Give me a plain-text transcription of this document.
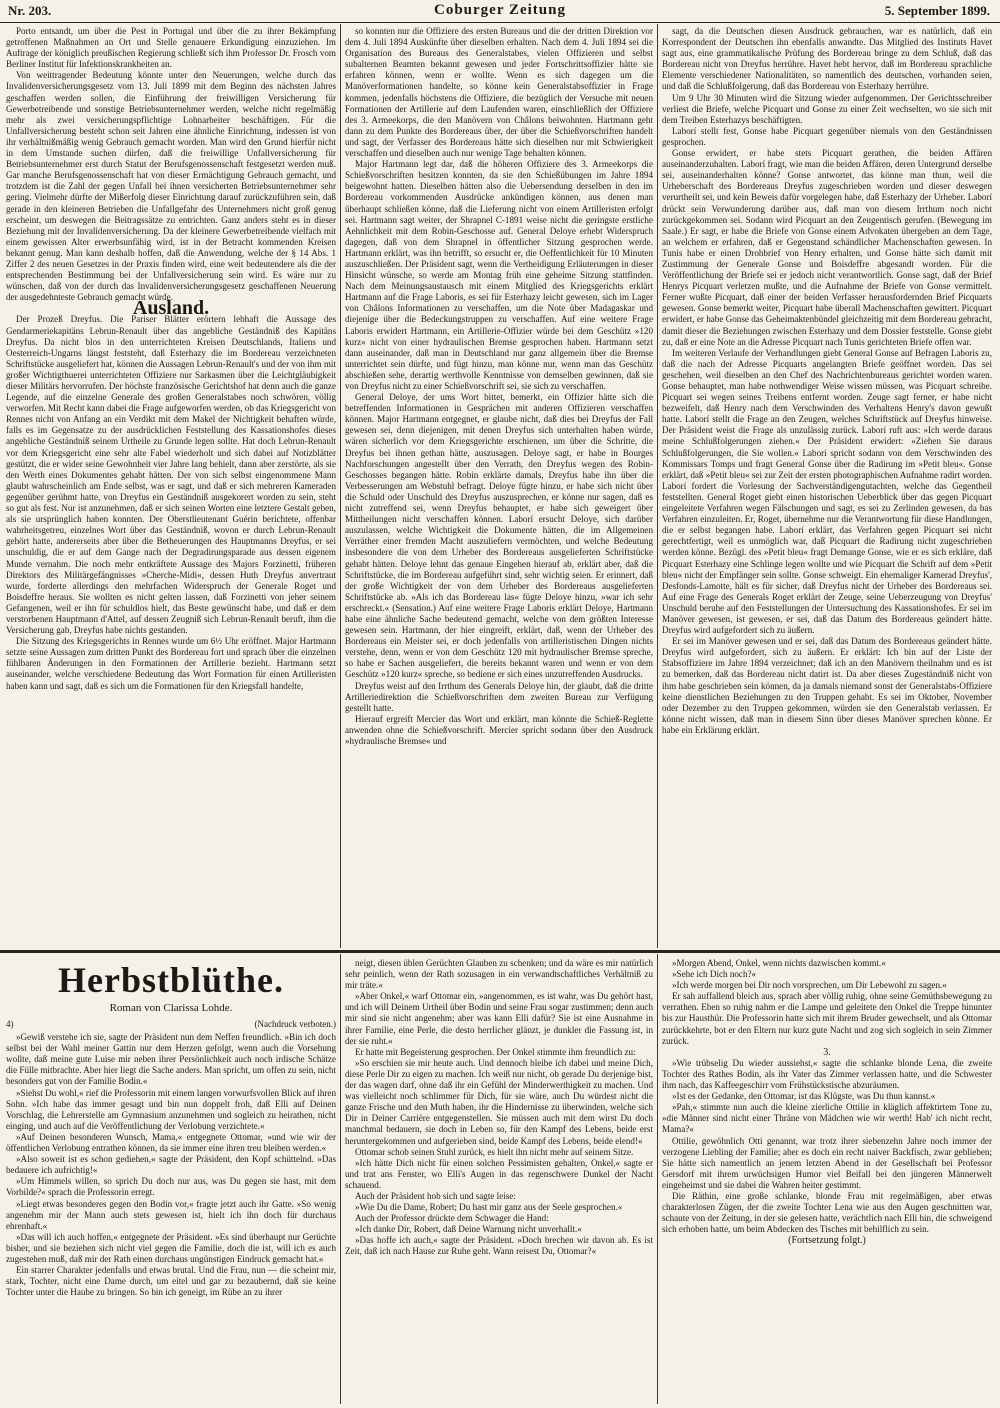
Nr. 203.	Coburger Zeitung	5. September 1899.

Porto entsandt, um über die Pest in Portugal und über die zu ihrer Bekämpfung getroffenen Maßnahmen an Ort und Stelle genauere Erkundigung einzuziehen. Im Auftrage der königlich preußischen Regierung schließt sich ihm Professor Dr. Frosch vom Berliner Institut für Infektionskrankheiten an.

Von weittragender Bedeutung könnte unter den Neuerungen, welche durch das Invalidenversicherungsgesetz vom 13. Juli 1899 mit dem Beginn des nächsten Jahres geschaffen werden sollen, die Einführung der freiwilligen Versicherung für Gewerbetreibende und sonstige Betriebsunternehmer werden, welche nicht regelmäßig mehr als zwei versicherungspflichtige Lohnarbeiter beschäftigen. Für die Unfallversicherung besteht schon seit Jahren eine ähnliche Einrichtung, indessen ist von ihr verhältnißmäßig wenig Gebrauch gemacht worden. Man wird den Grund hierfür nicht in dem Umstande suchen dürfen, daß die freiwillige Unfallversicherung für Betriebsunternehmer erst durch Statut der Berufsgenossenschaft festgesetzt werden muß. Gar manche Berufsgenossenschaft hat von dieser Ermächtigung Gebrauch gemacht, und trotzdem ist die Zahl der gegen Unfall bei ihnen versicherten Betriebsunternehmer sehr gering. Vielmehr dürfte der Mißerfolg dieser Einrichtung darauf zurückzuführen sein, daß gerade in den kleineren Betrieben die Unfallgefahr des Unternehmers nicht groß genug erscheint, um deswegen die Beitragssätze zu entrichten. Ganz anders steht es in dieser Beziehung mit der Invalidenversicherung. Da der kleinere Gewerbetreibende vielfach mit einem gewissen Alter erwerbsunfähig wird, ist in der Betracht kommenden Kreisen bekannt genug. Man kann deshalb hoffen, daß die Anwendung, welche der § 14 Abs. 1 Ziffer 2 des neuen Gesetzes in der Praxis finden wird, eine weit bedeutendere als die der entsprechenden Bestimmung bei der Unfallversicherung sein wird. Es wäre nur zu wünschen, daß von der durch das Invalidenversicherungsgesetz geschaffenen Neuerung der ausgedehnteste Gebrauch gemacht würde.

Ausland.

Der Prozeß Dreyfus. Die Pariser Blätter erörtern lebhaft die Aussage des Gendarmeriekapitäns Lebrun-Renault über das angebliche Geständniß des Kapitäns Dreyfus. Da nicht blos in den unterrichteten Kreisen Deutschlands, Italiens und Oesterreich-Ungarns längst feststeht, daß Esterhazy die im Bordereau verzeichneten Schriftstücke ausgeliefert hat, können die Aussagen Lebrun-Renault's und der von ihm mit großer Wichtigthuerei unterrichteten Offiziere nur Sarkasmen über die Leichtgläubigkeit dieser Militärs hervorrufen. Der höchste französische Gerichtshof hat denn auch die ganze Legende, auf die einzelne Generale des großen Generalstabes noch schwören, völlig verworfen. Mit Recht kann dabei die Frage aufgeworfen werden, ob das Kriegsgericht von Rennes nicht von Anfang an ein Verdikt mit dem Makel der Nichtigkeit behaften würde, falls es im Gegensatze zu der ausdrücklichen Feststellung des Kassationshofes dieses angebliche Geständniß seinem Urtheile zu Grunde legen sollte. Hat doch Lebrun-Renault vor dem Kriegsgericht eine sehr alte Fabel wiederholt und sich dabei auf Notizblätter gestützt, die er wider seine Gewohnheit vier Jahre lang behielt, dann aber zerstörte, als sie den Werth eines Dokumentes gehabt hätten. Der von sich selbst eingenommene Mann glaubt wahrscheinlich am Ende selbst, was er sagt, und daß er sich mehreren Kameraden gegenüber gerühmt hatte, von Dreyfus ein Geständniß ausgekorert worden zu sein, steht so gut als fest. Nur ist anzunehmen, daß er sich seinen Worten eine letztere Gestalt geben, als sie ursprünglich haben konnten. Der Oberstlieutenant Guérin berichtete, offenbar wahrheitsgetreu, einzelnes Wort über das Geständniß, wovon er durch Lebrun-Renault gehört hatte, andererseits aber über die Betheuerungen des Hauptmanns Dreyfus, er sei unschuldig, die er auf dem Gange nach der Degradirungsparade aus dessen eigenem Munde vernahm. Die noch mehr entkräftete Aussage des Majors Forzinetti, früheren Direktors des Militärgefängnisses »Cherche-Midi«, dessen Huth Dreyfus anvertraut wurde, forderte allerdings den mehrfachen Widerspruch der Generale Roget und Boisdeffre heraus. Sie wollten es nicht gelten lassen, daß Forzinetti von jeher seinem Gefangenen, weil er ihn für schuldlos hielt, das Beste gewünscht habe, und daß er dem verstorbenen Hauptmann d'Attel, auf dessen Zeugniß sich Lebrun-Renault beruft, ihm die Versicherung gab, Dreyfus habe nichts gestanden.

Die Sitzung des Kriegsgerichts in Rennes wurde um 6½ Uhr eröffnet. Major Hartmann setzte seine Aussagen zum dritten Punkt des Bordereau fort und sprach über die einzelnen fühlbaren Änderungen in den Formationen der Artillerie bezieht. Hartmann setzt auseinander, welche verschiedene Bedeutung das Wort Formation für einen Artilleristen haben kann und sagt, daß es sich um die Formationen für den Kriegsfall handelte,

so konnten nur die Offiziere des ersten Bureaus und die der dritten Direktion vor dem 4. Juli 1894 Auskünfte über dieselben erhalten. Nach dem 4. Juli 1894 sei die Organisation des Bureaus des Generalstabes, vielen Offizieren und selbst subalternen Beamten bekannt gewesen und jeder Fortschrittsoffizier hätte sie erfahren können, wenn er wollte. Wenn es sich dagegen um die Manöverformationen handelte, so könne kein Generalstabsoffizier in Frage kommen, jedenfalls höchstens die Offiziere, die bezüglich der Versuche mit neuen Formationen der Artillerie auf dem Laufenden waren, einschließlich der Offiziere des 3. Armeekorps, die den Manövern von Châlons beiwohnten. Hartmann geht dann zu dem Punkte des Bordereaus über, der über die Schießvorschriften handelt und sagt, der Verfasser des Bordereaus hätte sich dieselben nur mit Schwierigkeit verschaffen und dieselben auch nur wenige Tage behalten können.

Major Hartmann legt dar, daß die höheren Offiziere des 3. Armeekorps die Schießvorschriften besitzen konnten, da sie den Schießübungen im Jahre 1894 beigewohnt hatten. Dieselben hätten also die Uebersendung derselben in den im Bordereau vorkommenden Ausdrücke ankündigen können, aus denen man überhaupt schließen könne, daß die Lieferung nicht von einem Artilleristen erfolgt sei. Hartmann sagt weiter, der Shrapnel C-1891 weise nicht die geringste erstliche Aehnlichkeit mit dem Robin-Geschosse auf. General Deloye erhebt Widerspruch dagegen, daß von dem Shrapnel in öffentlicher Sitzung gesprochen werde. Hartmann erklärt, was ihn betrifft, so ersucht er, die Oeffentlichkeit für 10 Minuten auszuschließen. Der Präsident sagt, wenn die Vertheidigung Erläuterungen in dieser Hinsicht wünsche, so werde am Montag früh eine geheime Sitzung stattfinden. Nach dem Meinungsaustausch mit einem Mitglied des Kriegsgerichts erklärt Hartmann auf die Frage Laboris, es sei für Esterhazy leicht gewesen, sich im Lager von Châlons Informationen zu verschaffen, um die Note über Madagaskar und diejenige über die Bedeckungstruppen zu verschaffen. Auf eine weitere Frage Laboris erwidert Hartmann, ein Artillerie-Offizier würde bei dem Geschütz »120 kurz« nicht von einer hydraulischen Bremse gesprochen haben. Hartmann setzt dann auseinander, daß man in Deutschland nur ganz allgemein über die Bremse unterrichtet sein dürfte, und fügt hinzu, man könne nur, wenn man das Geschütz abschießen sehe, derartig werthvolle Kenntnisse von demselben gewinnen, daß sie von Dreyfus nicht zu einer Schießvorschrift sei, sie sich zu verschaffen.

General Deloye, der ums Wort bittet, bemerkt, ein Offizier hätte sich die betreffenden Informationen in Gesprächen mit anderen Offizieren verschaffen können. Major Hartmann entgegnet, er glaube nicht, daß dies bei Dreyfus der Fall gewesen sei, denn diejenigen, mit denen Dreyfus sich unterhalten haben würde, wären sicherlich vor dem Kriegsgerichte erschienen, um über die Schritte, die Dreyfus bei ihnen gethan hätte, auszusagen. Deloye sagt, er habe in Bourges Nachforschungen angestellt über den Verrath, den Dreyfus wegen des Robin-Geschosses begangen hätte. Robin erklärte damals, Dreyfus habe ihn über die Verbesserungen am Webstuhl befragt. Deloye fügte hinzu, er habe sich nicht über die Schuld oder Unschuld des Dreyfus auszusprechen, er könne nur sagen, daß es nicht zutreffend sei, wenn Dreyfus behauptet, er habe sich geweigert über Mittheilungen nicht verschaffen können. Laborí ersucht Deloye, sich darüber auszulassen, welche Wichtigkeit die Dokumente hätten, die im Allgemeinen Verräther einer fremden Macht auszuliefern vermöchten, und welche Bedeutung insbesondere die von dem Urheber des Bordereaus ausgelieferten Schriftstücke gehabt hätten. Deloye lehnt das genaue Eingehen hierauf ab, erklärt aber, daß die Schriftstücke, die im Bordereau aufgeführt sind, sehr wichtig seien. Er erinnert, daß der große Wichtigkeit der von dem Urheber des Bordereaus ausgelieferten Schriftstücke ab. »Als ich das Bordereau las« fügte Deloye hinzu, »war ich sehr erschreckt.« (Sensation.) Auf eine weitere Frage Laboris erklärt Deloye, Hartmann habe eine ähnliche Sache bedeutend gemacht, welche von dem größten Interesse gewesen sein. Hartmann, der hier eingreift, erklärt, daß, wenn der Urheber des Bordereaus ein Meister sei, er doch jedenfalls von artilleristischen Dingen nichts verstehe, denn, wenn er von dem Geschütz 120 mit hydraulischer Bremse spreche, so habe er Sachen ausgeliefert, die bereits bekannt waren und wenn er von dem Geschütz »120 kurz« spreche, so bediene er sich eines unzutreffenden Ausdrucks.

Dreyfus weist auf den Irrthum des Generals Deloye hin, der glaubt, daß die dritte Artilleriedirektion die Schießvorschriften dem zweiten Bureau zur Verfügung gestellt hatte.

Hierauf ergreift Mercier das Wort und erklärt, man könnte die Schieß-Reglette anwenden ohne die Schießvorschrift. Mercier spricht sodann über den Ausdruck »hydraulische Bremse« und

sagt, da die Deutschen diesen Ausdruck gebrauchen, war es natürlich, daß ein Korrespondent der Deutschen ihn ebenfalls anwandte. Das Mitglied des Instituts Havet sagt aus, eine grammatikalische Prüfung des Bordereau bringe zu dem Schluß, daß das Bordereau nicht von Dreyfus herrühre. Havet hebt hervor, daß im Bordereau sprachliche Elemente verschiedener Nationalitäten, so namentlich des deutschen, vorhanden seien, und daß die Schlußfolgerung, daß das Bordereau von Esterhazy herrühre.

Um 9 Uhr 30 Minuten wird die Sitzung wieder aufgenommen. Der Gerichtsschreiber verliest die Briefe, welche Picquart und Gonse zu einer Zeit wechselten, wo sie sich mit dem Treiben Esterhazys beschäftigten.

Laborí stellt fest, Gonse habe Picquart gegenüber niemals von den Geständnissen gesprochen.

Gonse erwidert, er habe stets Picquart gerathen, die beiden Affären auseinanderzuhalten. Laborí fragt, wie man die beiden Affären, deren Untergrund derselbe sei, auseinanderhalten könne? Gonse antwortet, das könne man thun, weil die Urheberschaft des Bordereaus Dreyfus zugeschrieben worden und dieser deswegen verurtheilt sei, und kein Beweis dafür vorgelegen habe, daß Esterhazy der Urheber. Laborí drückt sein Verwunderung darüber aus, daß man von diesem Irrthum noch nicht zurückgekommen sei. Sodann wird Picquart an den Zeugentisch gerufen. (Bewegung im Saale.) Er sagt, er habe die Briefe von Gonse einem Advokaten übergeben an dem Tage, an welchem er erfahren, daß er Gegenstand schändlicher Machenschaften gewesen. In Tunis habe er einen Drohbrief von Henry erhalten, und Gonse hätte sich damit mit Zustimmung der Generale Gonse und Boisdeffre abgesandt worden. Für die Veröffentlichung der Briefe sei er jedoch nicht verantwortlich. Gonse sagt, daß der Brief Henrys Picquart verletzen mußte, und die Aufnahme der Briefe von Gonse vermittelt. Ferner wußte Picquart, daß einer der beiden Verfasser herausfordernden Brief Picquarts gewesen. Gonse bemerkt weiter, Picquart habe überall Machenschaften gewittert. Picquart erwidert, er habe Gonse das Geheimaktenbündel gleichzeitig mit dem Bordereau gebracht, damit dieser die Beziehungen zwischen Esterhazy und dem Dossier feststelle. Gonse giebt zu, daß er eine Note an die Adresse Picquart nach Tunis gerichteten Briefe offen war.

Im weiteren Verlaufe der Verhandlungen giebt General Gonse auf Befragen Laboris zu, daß die nach der Adresse Picquarts angelangten Briefe geöffnet worden. Das sei geschehen, weil dieselben an den Chef des Nachrichtenbureaus gerichtet worden waren. Gonse behauptet, man habe nothwendiger Weise wissen müssen, was Picquart schreibe. Picquart sei wegen seines Treibens entfernt worden. Zeuge sagt ferner, er habe nicht bezweifelt, daß Henry nach dem Verschwinden des Verhaltens Henry's davon gewußt hatte. Laborí stellt die Frage an den Zeugen, welches Schriftstück auf Dreyfus hinweise. Der Präsident weist die Frage als unzulässig zurück. Laborí ruft aus: »Ich werde daraus meine Schlußfolgerungen ziehen.« Der Präsident erwidert: »Ziehen Sie daraus Schlußfolgerungen, die Sie wollen.« Laborí spricht sodann von dem Verschwinden des Kommissars Tomps und fragt General Gonse über die Radirung im »Petit bleu«. Gonse erklärt, daß »Petit bleu« sei zur Zeit der ersten photographischen Aufnahme radirt worden. Laborí fordert die Vorlesung der Sachverständigengutachten, welche das Gegentheil feststellten. General Roget giebt einen historischen Ueberblick über das gegen Picquart eingeleitete Verfahren wegen Fälschungen und sagt, es sei zu Zerlinden gewesen, da bas Verfahren einzuleiten. Er, Roget, übernehme nur die Verantwortung für diese Handlungen, die er selbst begangen habe. Laborí erklärt, das Verfahren gegen Picquart sei nicht gerechtfertigt, weil es unmöglich war, daß Picquart die Radirung nicht zugeschrieben werden könne. Bezügl. des »Petit bleu« fragt Demange Gonse, wie er es sich erkläre, daß Picquart Esterhazy eine Schlinge legen wollte und wie Picquart die Schrift auf dem »Petit bleu« nicht der Empfänger sein sollte. Gonse schweigt. Ein ehemaliger Kamerad Dreyfus', Desfonds-Lamotte, hält es für sicher, daß Dreyfus nicht der Urheber des Bordereaus sei. Auf eine Frage des Generals Roget erklärt der Zeuge, seine Ueberzeugung von Dreyfus' Unschuld beruhe auf den Feststellungen der Untersuchung des Kassationshofes. Er sei im Manöver gewesen, ist gewesen, er sei, daß das Datum des Bordereaus geändert hätte. Dreyfus wird aufgefordert sich zu äußern.

Er sei im Manöver gewesen und er sei, daß das Datum des Bordereaus geändert hätte. Dreyfus wird aufgefordert, sich zu äußern. Er erklärt: Ich bin auf der Liste der Stabsoffiziere im Jahre 1894 verzeichnet; daß ich an den Manövern theilnahm und es ist zu bemerken, daß das Bordereau nicht datirt ist. Da aber dieses Zugeständniß nicht von ihm habe geschrieben sein können, da ja damals niemand sonst der Generalstabs-Offiziere keine dienstlichen Beziehungen zu den Truppen gehabt. Es sei im Oktober, November oder Dezember zu den Truppen gekommen, würden sie den Generalstab verlassen. Er könne nicht wissen, daß man in diesem Sinn über dieses Manöver sprechen könne. Er habe ein Erklärung erklärt.

Herbstblüthe.
Roman von Clarissa Lohde.
4)	(Nachdruck verboten.)

»Gewiß verstehe ich sie, sagte der Präsident nun dem Neffen freundlich. »Bin ich doch selbst bei der Wahl meiner Gattin nur dem Herzen gefolgt, wenn auch die Vorsehung wollte, daß meine gute Luise mir neben ihrer Persönlichkeit auch noch irdische Schätze die Fülle mitbrachte. Aber hier liegt die Sache anders. Man spricht, um offen zu sein, nicht besonders gut von der Familie Bodin.«

»Siehst Du wohl,« rief die Professorin mit einem langen vorwurfsvollen Blick auf ihren Sohn. »Ich habe das immer gesagt und bin nun doppelt froh, daß Elli auf Deinen Vorschlag, die Lehrerstelle am Gymnasium anzunehmen und sogleich zu heirathen, nicht einging, und auch auf die Veröffentlichung der Verlobung verzichtete.«

»Auf Deinen besonderen Wunsch, Mama,« entgegnete Ottomar, »und wie wir der öffentlichen Verlobung entrathen können, da sie immer eine ihren treu bleiben werden.«

»Also soweit ist es schon gediehen,« sagte der Präsident, den Kopf schüttelnd. »Das bedauere ich aufrichtig!«

»Um Himmels willen, so sprich Du doch nur aus, was Du gegen sie hast, mit dem Vorbilde?« sprach die Professorin erregt.

»Liegt etwas besonderes gegen den Bodin vor,« fragte jetzt auch ihr Gatte. »So wenig angenehm mir der Mann auch stets gewesen ist, hielt ich ihn doch für durchaus ehrenhaft.«

»Das will ich auch hoffen,« entgegnete der Präsident. »Es sind überhaupt nur Gerüchte bisher, und sie beziehen sich nicht viel gegen die Familie, doch die ist, will ich es auch zugestehen muß, daß mir der Rath einen durchaus ungünstigen Eindruck gemacht hat.«

Ein starrer Charakter jedenfalls und etwas brutal. Und die Frau, nun — die scheint mir, stark, Tochter, nicht eine Dame durch, um eitel und gar zu bezaubernd, daß sie keine Tochter unter die Haube zu bringen. So bin ich geneigt, im Rübe an zu ihrer

neigt, diesen üblen Gerüchten Glauben zu schenken; und da wäre es mir natürlich sehr peinlich, wenn der Rath sozusagen in ein verwandtschaftliches Verhältniß zu mir träte.«

»Aber Onkel,« warf Ottomar ein, »angenommen, es ist wahr, was Du gehört hast, und ich will Deinem Urtheil über Bodin und seine Frau sogar zustimmen; denn auch mir sind sie nicht angenehm; aber was kann Elli dafür? Sie ist eine Ausnahme in ihrer Familie, eine Perle, die desto herrlicher glänzt, je dunkler die Fassung ist, in der sie ruht.«

Er hatte mit Begeisterung gesprochen. Der Onkel stimmte ihm freundlich zu:

»So erschien sie mir heute auch. Und dennoch bleibe ich dabei und meine Dich, diese Perle Dir zu eigen zu machen. Ich weiß nur nicht, ob gerade Du derjenige bist, der das wagen darf, ohne daß ihr ein Gefühl der Minderwerthigkeit zu machen. Und was vielleicht noch schlimmer für Dich, für sie wäre, auch Du würdest nicht die ganze Frische und den Muth haben, ihr die Hindernisse zu überwinden, welche sich Dir in Deiner Carrière entgegenstellen. Sie müssen auch mit dem wirst Du doch manchmal bedauern, sie doch in Leben so, für den Kampf des Lebens, beide erst heruntergekommen und aufgerieben sind, beide Kampf des Lebens, beide elend!«

Ottomar schob seinen Stuhl zurück, es hielt ihn nicht mehr auf seinem Sitze.

»Ich hätte Dich nicht für einen solchen Pessimisten gehalten, Onkel,« sagte er und trat ans Fenster, wo Elli's Augen in das regenschwere Dunkel der Nacht schauend.

Auch der Präsident hob sich und sagte leise:

»Wie Du die Dame, Robert; Du hast mir ganz aus der Seele gesprochen.«

Auch der Professor drückte dem Schwager die Hand:

»Ich danke Dir, Robert, daß Deine Warnung nicht unverhallt.«

»Das hoffe ich auch,« sagte der Präsident. »Doch brechen wir davon ab. Es ist Zeit, daß ich nach Hause zur Ruhe geht. Wann reisest Du, Ottomar?«

»Morgen Abend, Onkel, wenn nichts dazwischen kommt.«

»Sehe ich Dich noch?«

»Ich werde morgen bei Dir noch vorsprechen, um Dir Lebewohl zu sagen.«

Er sah auffallend bleich aus, sprach aber völlig ruhig, ohne seine Gemüthsbewegung zu verrathen. Eben so ruhig nahm er die Lampe und geleitete den Onkel die Treppe hinunter bis zur Hausthür. Die Professorin hatte sich mit ihrem Bruder gewechselt, und als Ottomar zurückkehrte, bot er den Eltern nur kurz gute Nacht und zog sich sogleich in sein Zimmer zurück.

3.

»Wie trübselig Du wieder aussiehst,« sagte die schlanke blonde Lena, die zweite Tochter des Rathes Bodin, als ihr Vater das Zimmer verlassen hatte, und die Schwester ihm nach, das Kaffeegeschirr vom Frühstückstische abzuräumen.

»Ist es der Gedanke, den Ottomar, ist das Klügste, was Du thun kannst.«

»Pah,« stimmte nun auch die kleine zierliche Ottilie in kläglich affektirtem Tone zu, »die Männer sind nicht einer Thräne von Mädchen wie wir werth! Hab' ich nicht recht, Mama?«

Ottilie, gewöhnlich Otti genannt, war trotz ihrer siebenzehn Jahre noch immer der verzogene Liebling der Familie; aber es doch ein recht naiver Backfisch, zwar geblieben; Sie hätte sich namentlich an jenem letzten Abend in der Gesellschaft bei Professor Gersdorf mit ihrem urwüchsigen Humor viel Beifall bei den jüngeren Männerwelt eingeheimst und sie dabei die Wahren heiter gestimmt.

Die Räthin, eine große schlanke, blonde Frau mit regelmäßigen, aber etwas charakterlosen Zügen, der die zweite Tochter Lena wie aus den Augen geschnitten war, schaute von der Zeitung, in der sie gelesen hatte, verächtlich nach Elli hin, die schweigend sich erhoben hatte, um beim Abdecken des Tisches mit behilflich zu sein.

(Fortsetzung folgt.)
